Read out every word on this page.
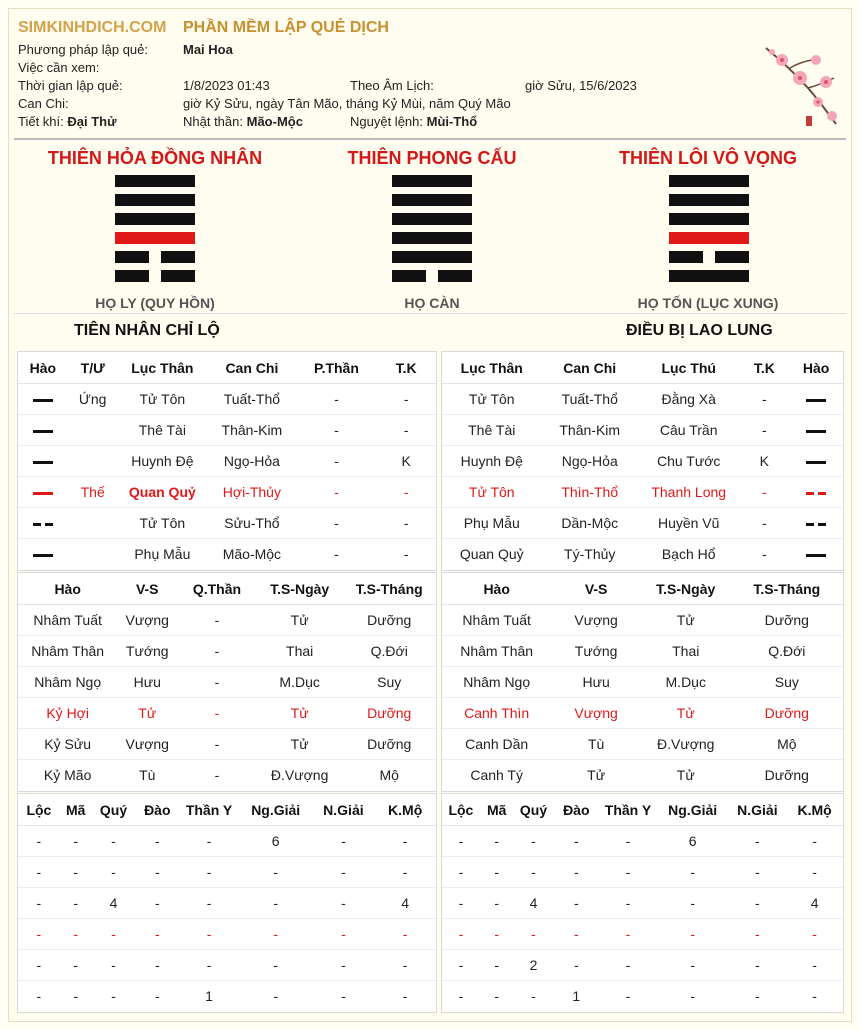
SIMKINHDICH.COM PHẦN MỀM LẬP QUẺ DỊCH
Phương pháp lập quẻ:	Mai Hoa
Việc cần xem:
Thời gian lập quẻ:	1/8/2023 01:43	Theo Âm Lịch:	giờ Sửu, 15/6/2023
Can Chi:	giờ Kỷ Sửu, ngày Tân Mão, tháng Kỷ Mùi, năm Quý Mão
Tiết khí: Đại Thử	Nhật thần: Mão-Mộc	Nguyệt lệnh: Mùi-Thổ
THIÊN HỎA ĐỒNG NHÂN	THIÊN PHONG CẤU	THIÊN LÔI VÔ VỌNG
HỌ LY (QUY HỒN)	HỌ CÀN	HỌ TỐN (LỤC XUNG)
TIÊN NHÂN CHỈ LỘ	ĐIỀU BỊ LAO LUNG
Hào	T/Ư	Lục Thân	Can Chi	P.Thần	T.K
	Ứng	Tử Tôn	Tuất-Thổ	-	-
		Thê Tài	Thân-Kim	-	-
		Huynh Đệ	Ngọ-Hỏa	-	K
	Thế	Quan Quỷ	Hợi-Thủy	-	-
		Tử Tôn	Sửu-Thổ	-	-
		Phụ Mẫu	Mão-Mộc	-	-
Lục Thân	Can Chi	Lục Thú	T.K	Hào
Tử Tôn	Tuất-Thổ	Đằng Xà	-	
Thê Tài	Thân-Kim	Câu Trần	-	
Huynh Đệ	Ngọ-Hỏa	Chu Tước	K	
Tử Tôn	Thìn-Thổ	Thanh Long	-	
Phụ Mẫu	Dần-Mộc	Huyền Vũ	-	
Quan Quỷ	Tý-Thủy	Bạch Hổ	-	
Hào	V-S	Q.Thần	T.S-Ngày	T.S-Tháng
Nhâm Tuất	Vượng	-	Tử	Dưỡng
Nhâm Thân	Tướng	-	Thai	Q.Đới
Nhâm Ngọ	Hưu	-	M.Dục	Suy
Kỷ Hợi	Tử	-	Tử	Dưỡng
Kỷ Sửu	Vượng	-	Tử	Dưỡng
Kỷ Mão	Tù	-	Đ.Vượng	Mộ
Hào	V-S	T.S-Ngày	T.S-Tháng
Nhâm Tuất	Vượng	Tử	Dưỡng
Nhâm Thân	Tướng	Thai	Q.Đới
Nhâm Ngọ	Hưu	M.Dục	Suy
Canh Thìn	Vượng	Tử	Dưỡng
Canh Dần	Tù	Đ.Vượng	Mộ
Canh Tý	Tử	Tử	Dưỡng
Lộc	Mã	Quý	Đào	Thần Y	Ng.Giải	N.Giải	K.Mộ
-	-	-	-	-	6	-	-
-	-	-	-	-	-	-	-
-	-	4	-	-	-	-	4
-	-	-	-	-	-	-	-
-	-	-	-	-	-	-	-
-	-	-	-	1	-	-	-
Lộc	Mã	Quý	Đào	Thần Y	Ng.Giải	N.Giải	K.Mộ
-	-	-	-	-	6	-	-
-	-	-	-	-	-	-	-
-	-	4	-	-	-	-	4
-	-	-	-	-	-	-	-
-	-	2	-	-	-	-	-
-	-	-	1	-	-	-	-
